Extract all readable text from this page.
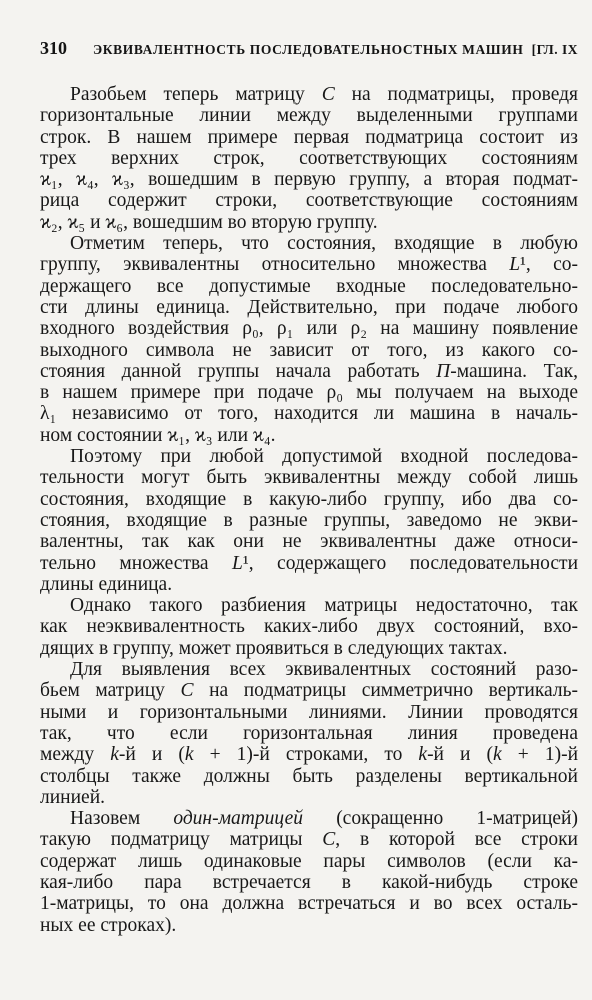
310 ЭКВИВАЛЕНТНОСТЬ ПОСЛЕДОВАТЕЛЬНОСТНЫХ МАШИН [ГЛ. IX
Разобьем теперь матрицу C на подматрицы, проведя
горизонтальные линии между выделенными группами
строк. В нашем примере первая подматрица состоит из
трех верхних строк, соответствующих состояниям
ϰ₁, ϰ₄, ϰ₃, вошедшим в первую группу, а вторая подмат-
рица содержит строки, соответствующие состояниям
ϰ₂, ϰ₅ и ϰ₆, вошедшим во вторую группу.
Отметим теперь, что состояния, входящие в любую
группу, эквивалентны относительно множества L¹, со-
держащего все допустимые входные последовательно-
сти длины единица. Действительно, при подаче любого
входного воздействия ρ₀, ρ₁ или ρ₂ на машину появление
выходного символа не зависит от того, из какого со-
стояния данной группы начала работать П-машина. Так,
в нашем примере при подаче ρ₀ мы получаем на выходе
λ₁ независимо от того, находится ли машина в началь-
ном состоянии ϰ₁, ϰ₃ или ϰ₄.
Поэтому при любой допустимой входной последова-
тельности могут быть эквивалентны между собой лишь
состояния, входящие в какую-либо группу, ибо два со-
стояния, входящие в разные группы, заведомо не экви-
валентны, так как они не эквивалентны даже относи-
тельно множества L¹, содержащего последовательности
длины единица.
Однако такого разбиения матрицы недостаточно, так
как неэквивалентность каких-либо двух состояний, вхо-
дящих в группу, может проявиться в следующих тактах.
Для выявления всех эквивалентных состояний разо-
бьем матрицу C на подматрицы симметрично вертикаль-
ными и горизонтальными линиями. Линии проводятся
так, что если горизонтальная линия проведена
между k-й и (k + 1)-й строками, то k-й и (k + 1)-й
столбцы также должны быть разделены вертикальной
линией.
Назовем один-матрицей (сокращенно 1-матрицей)
такую подматрицу матрицы C, в которой все строки
содержат лишь одинаковые пары символов (если ка-
кая-либо пара встречается в какой-нибудь строке
1-матрицы, то она должна встречаться и во всех осталь-
ных ее строках).
